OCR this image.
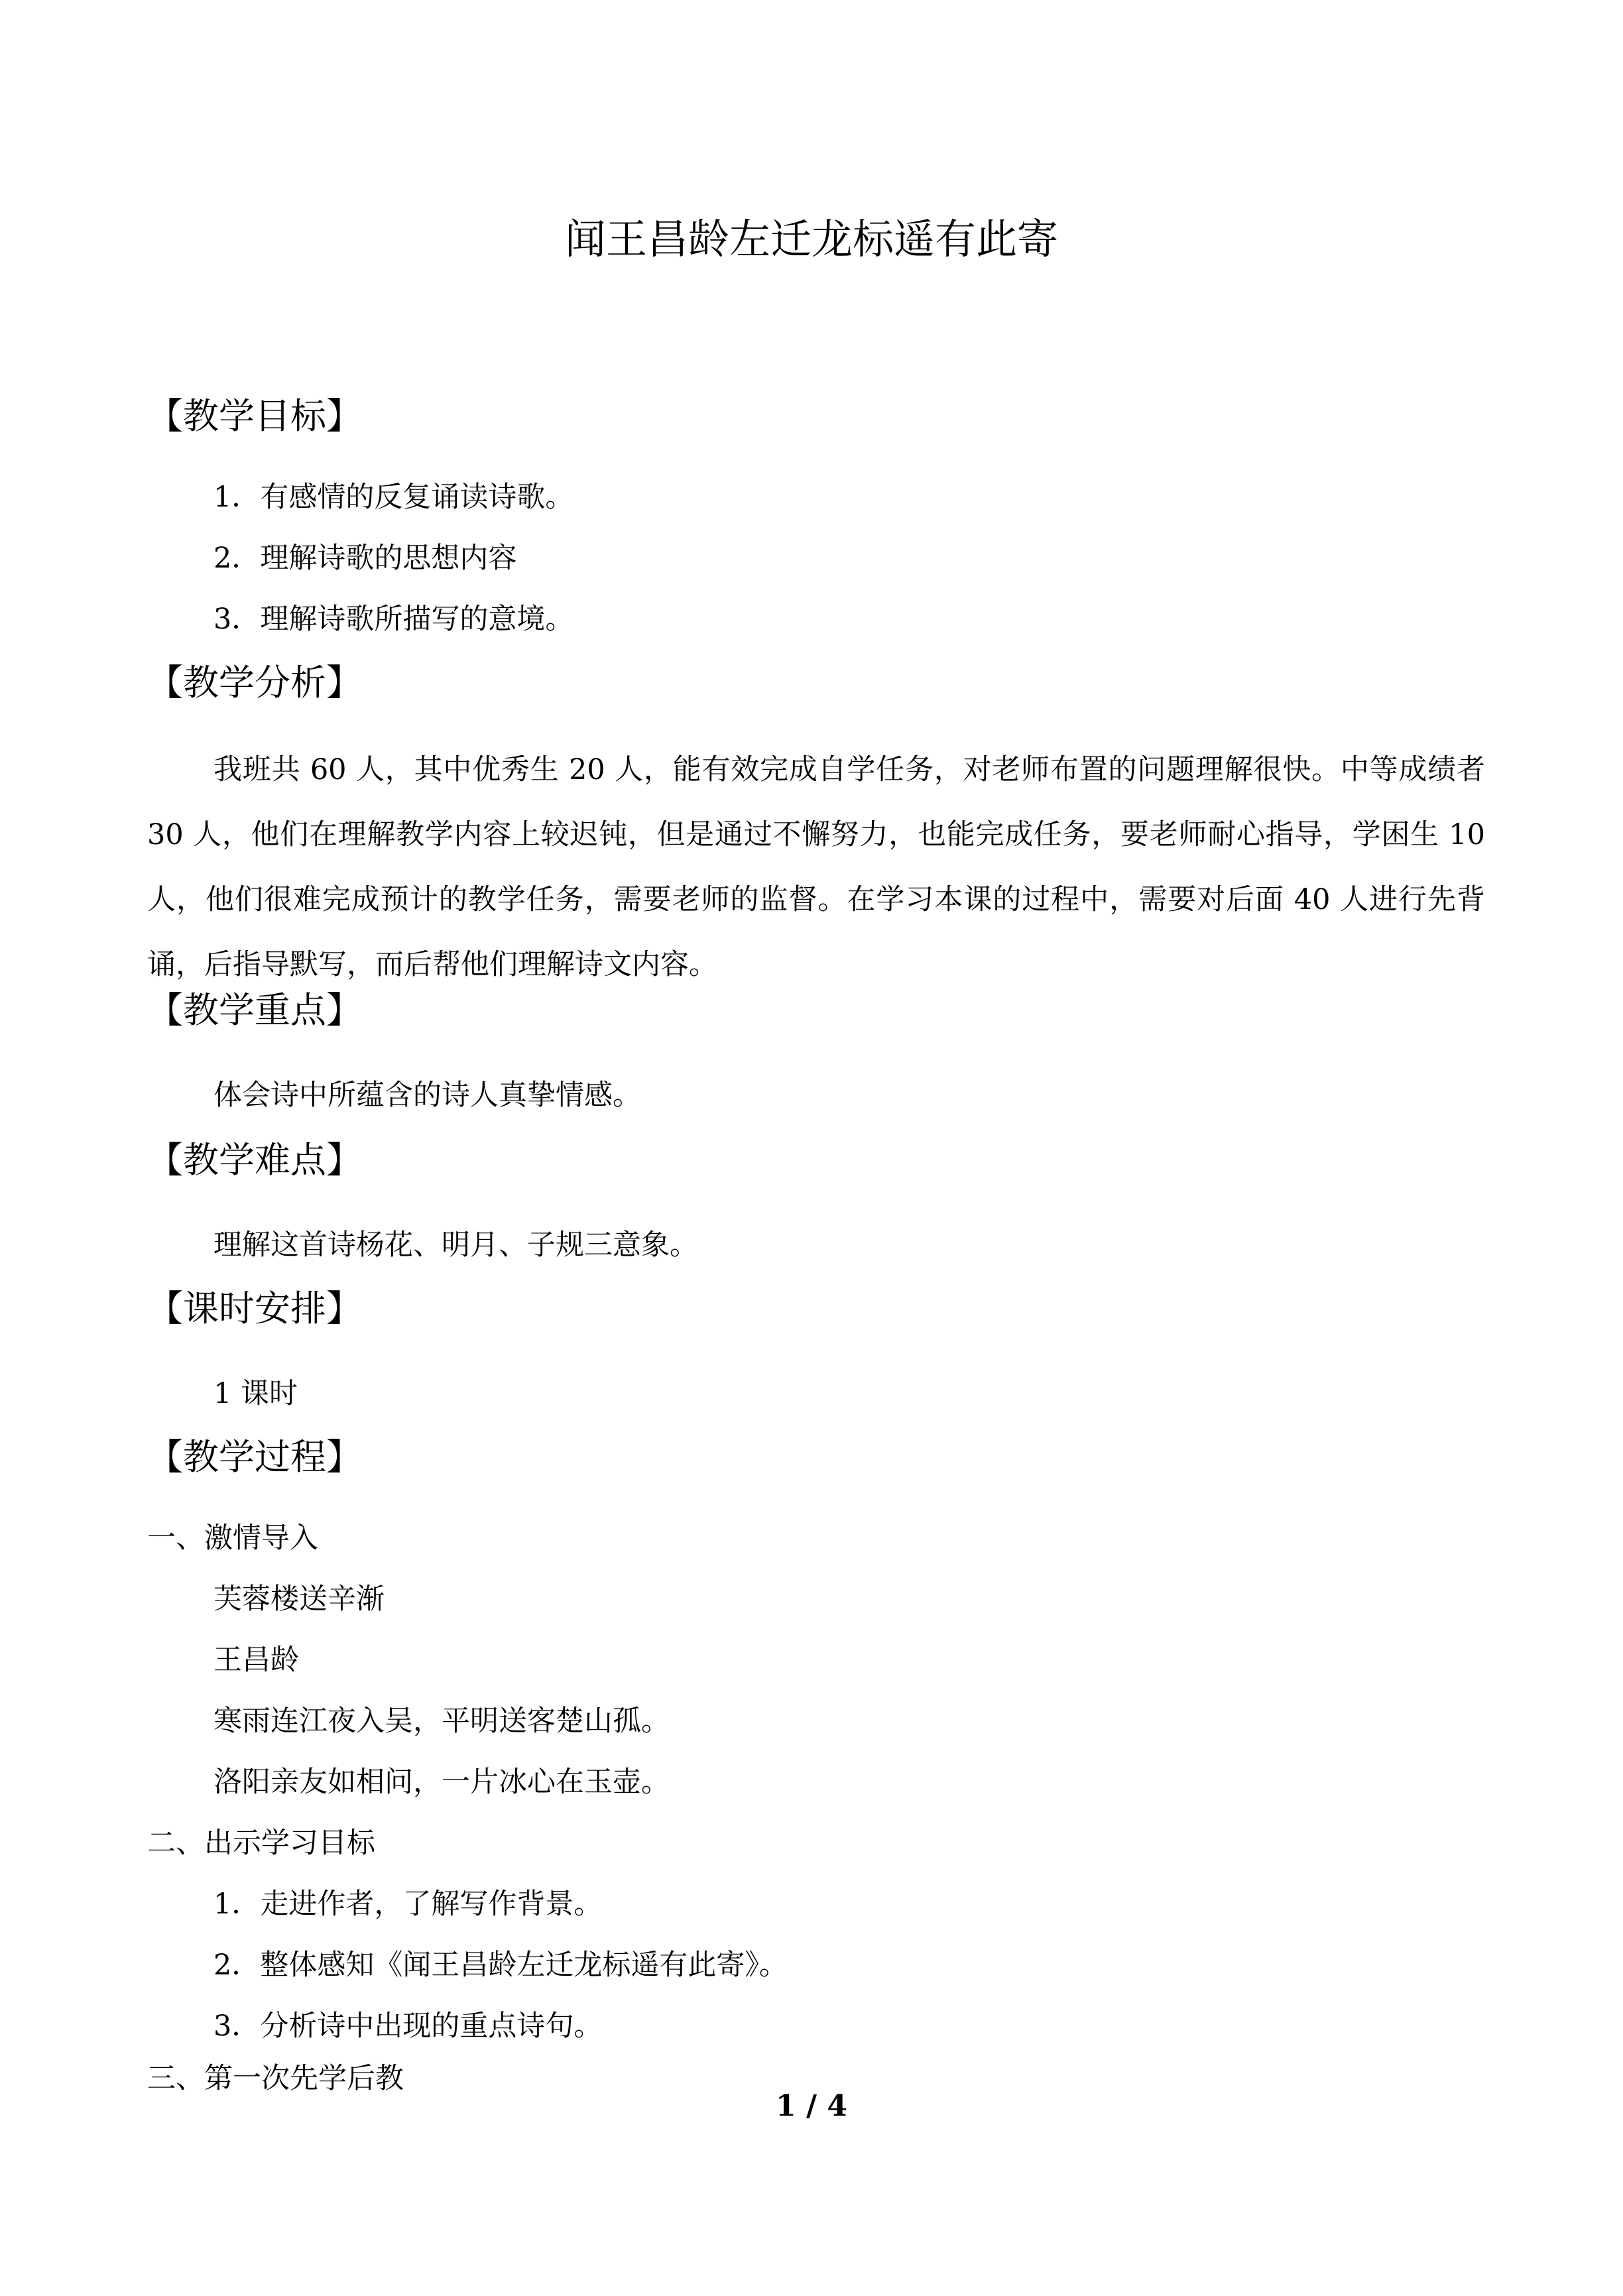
闻王昌龄左迁龙标遥有此寄
【教学目标】
1．有感情的反复诵读诗歌。
2．理解诗歌的思想内容
3．理解诗歌所描写的意境。
【教学分析】
我班共 60 人，其中优秀生 20 人，能有效完成自学任务，对老师布置的问题理解很快。中等成绩者 30 人，他们在理解教学内容上较迟钝，但是通过不懈努力，也能完成任务，要老师耐心指导，学困生 10 人，他们很难完成预计的教学任务，需要老师的监督。在学习本课的过程中，需要对后面 40 人进行先背诵，后指导默写，而后帮他们理解诗文内容。
【教学重点】
体会诗中所蕴含的诗人真挚情感。
【教学难点】
理解这首诗杨花、明月、子规三意象。
【课时安排】
1 课时
【教学过程】
一、激情导入
芙蓉楼送辛渐
王昌龄
寒雨连江夜入吴，平明送客楚山孤。
洛阳亲友如相问，一片冰心在玉壶。
二、出示学习目标
1．走进作者，了解写作背景。
2．整体感知《闻王昌龄左迁龙标遥有此寄》。
3．分析诗中出现的重点诗句。
三、第一次先学后教
1 / 4
